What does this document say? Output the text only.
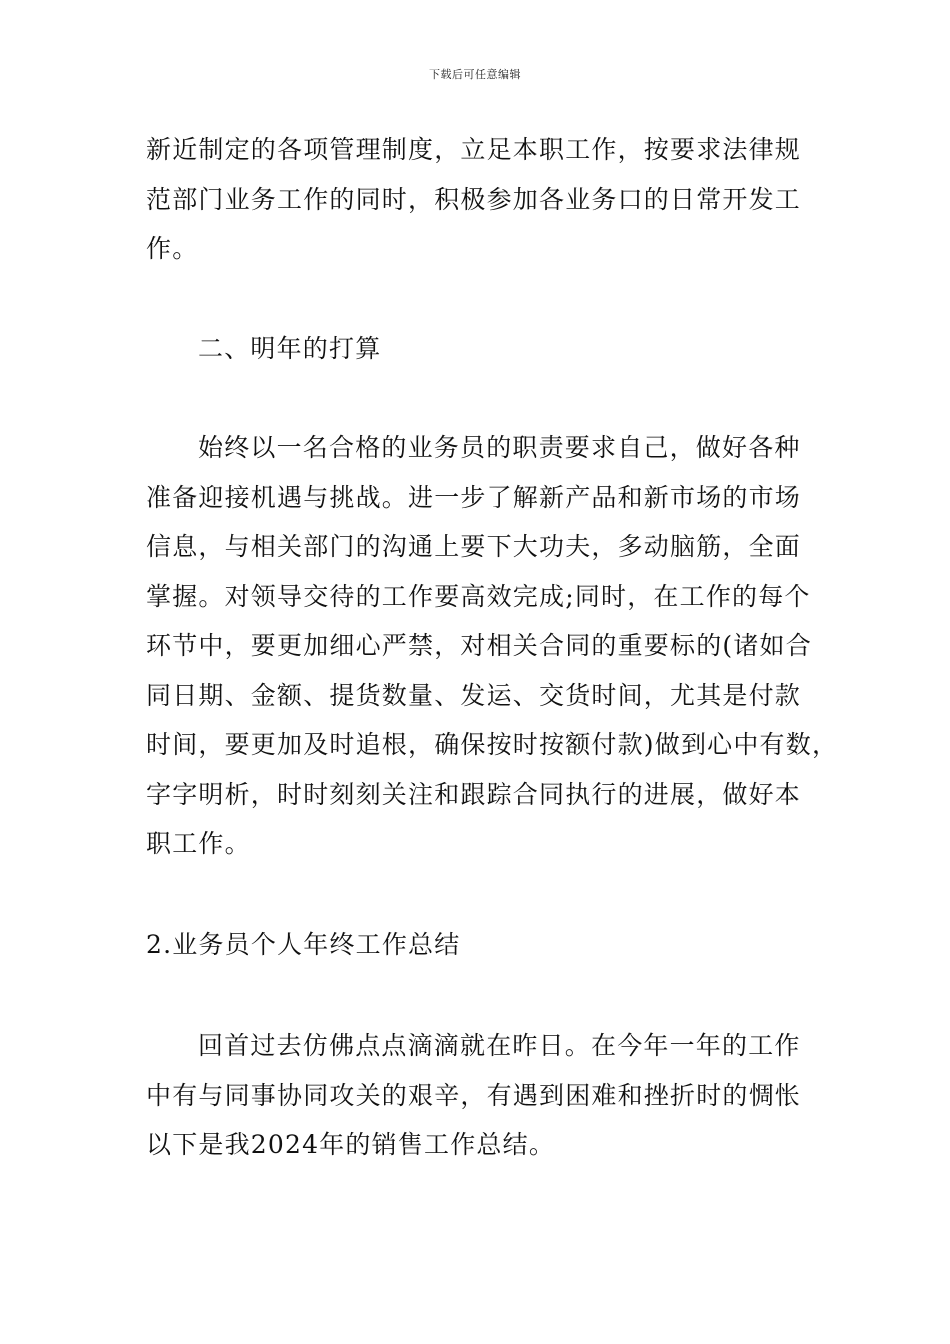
下载后可任意编辑
新近制定的各项管理制度，立足本职工作，按要求法律规
范部门业务工作的同时，积极参加各业务口的日常开发工
作。
二、明年的打算
始终以一名合格的业务员的职责要求自己，做好各种
准备迎接机遇与挑战。进一步了解新产品和新市场的市场
信息，与相关部门的沟通上要下大功夫，多动脑筋，全面
掌握。对领导交待的工作要高效完成;同时，在工作的每个
环节中，要更加细心严禁，对相关合同的重要标的(诸如合
同日期、金额、提货数量、发运、交货时间，尤其是付款
时间，要更加及时追根，确保按时按额付款)做到心中有数，
字字明析，时时刻刻关注和跟踪合同执行的进展，做好本
职工作。
2.业务员个人年终工作总结
回首过去仿佛点点滴滴就在昨日。在今年一年的工作
中有与同事协同攻关的艰辛，有遇到困难和挫折时的惆怅
以下是我2024年的销售工作总结。
